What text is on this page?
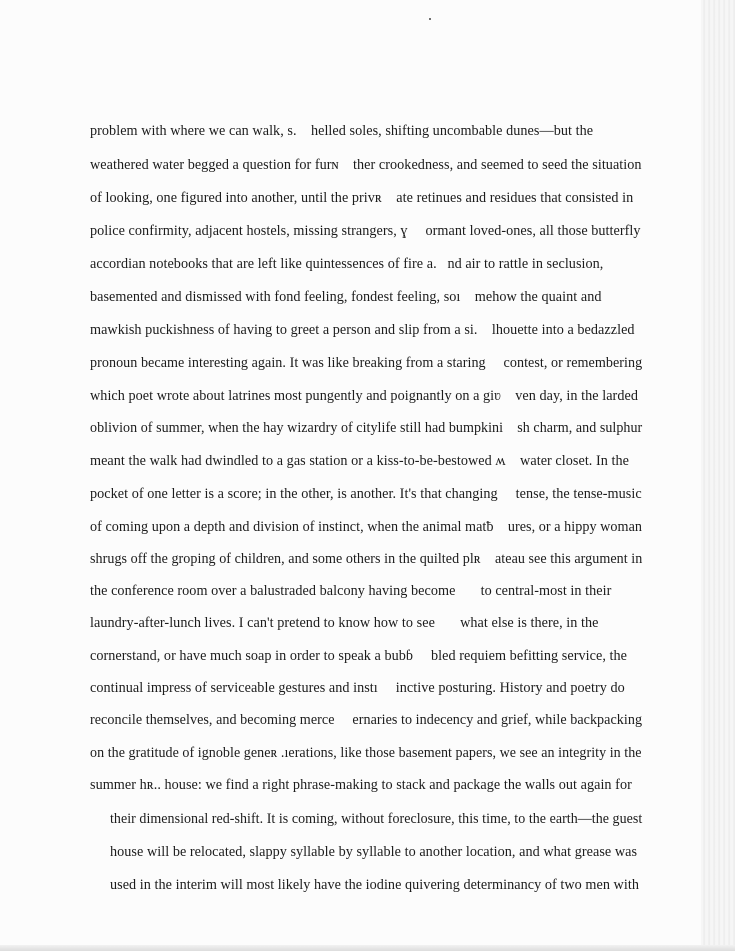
problem with where we can walk, s.    helled soles, shifting uncombable dunes—but the
weathered water begged a question for furɴ    ther crookedness, and seemed to seed the situation
of looking, one figured into another, until the privʀ    ate retinues and residues that consisted in
police confirmity, adjacent hostels, missing strangers, ɣ     ormant loved-ones, all those butterfly
accordian notebooks that are left like quintessences of fire a.   nd air to rattle in seclusion,
basemented and dismissed with fond feeling, fondest feeling, soı    mehow the quaint and
mawkish puckishness of having to greet a person and slip from a si.    lhouette into a bedazzled
pronoun became interesting again. It was like breaking from a staring     contest, or remembering
which poet wrote about latrines most pungently and poignantly on a giʋ    ven day, in the larded
oblivion of summer, when the hay wizardry of citylife still had bumpkini    sh charm, and sulphur
meant the walk had dwindled to a gas station or a kiss-to-be-bestowed ʍ    water closet. In the
pocket of one letter is a score; in the other, is another. It's that changing     tense, the tense-music
of coming upon a depth and division of instinct, when the animal matƀ    ures, or a hippy woman
shrugs off the groping of children, and some others in the quilted plʀ    ateau see this argument in
the conference room over a balustraded balcony having become       to central-most in their
laundry-after-lunch lives. I can't pretend to know how to see       what else is there, in the
cornerstand, or have much soap in order to speak a bubɓ     bled requiem befitting service, the
continual impress of serviceable gestures and instı     inctive posturing. History and poetry do
reconcile themselves, and becoming merce     ernaries to indecency and grief, while backpacking
on the gratitude of ignoble geneʀ .ıerations, like those basement papers, we see an integrity in the
summer hʀ.. house: we find a right phrase-making to stack and package the walls out again for
their dimensional red-shift. It is coming, without foreclosure, this time, to the earth—the guest
house will be relocated, slappy syllable by syllable to another location, and what grease was
used in the interim will most likely have the iodine quivering determinancy of two men with
